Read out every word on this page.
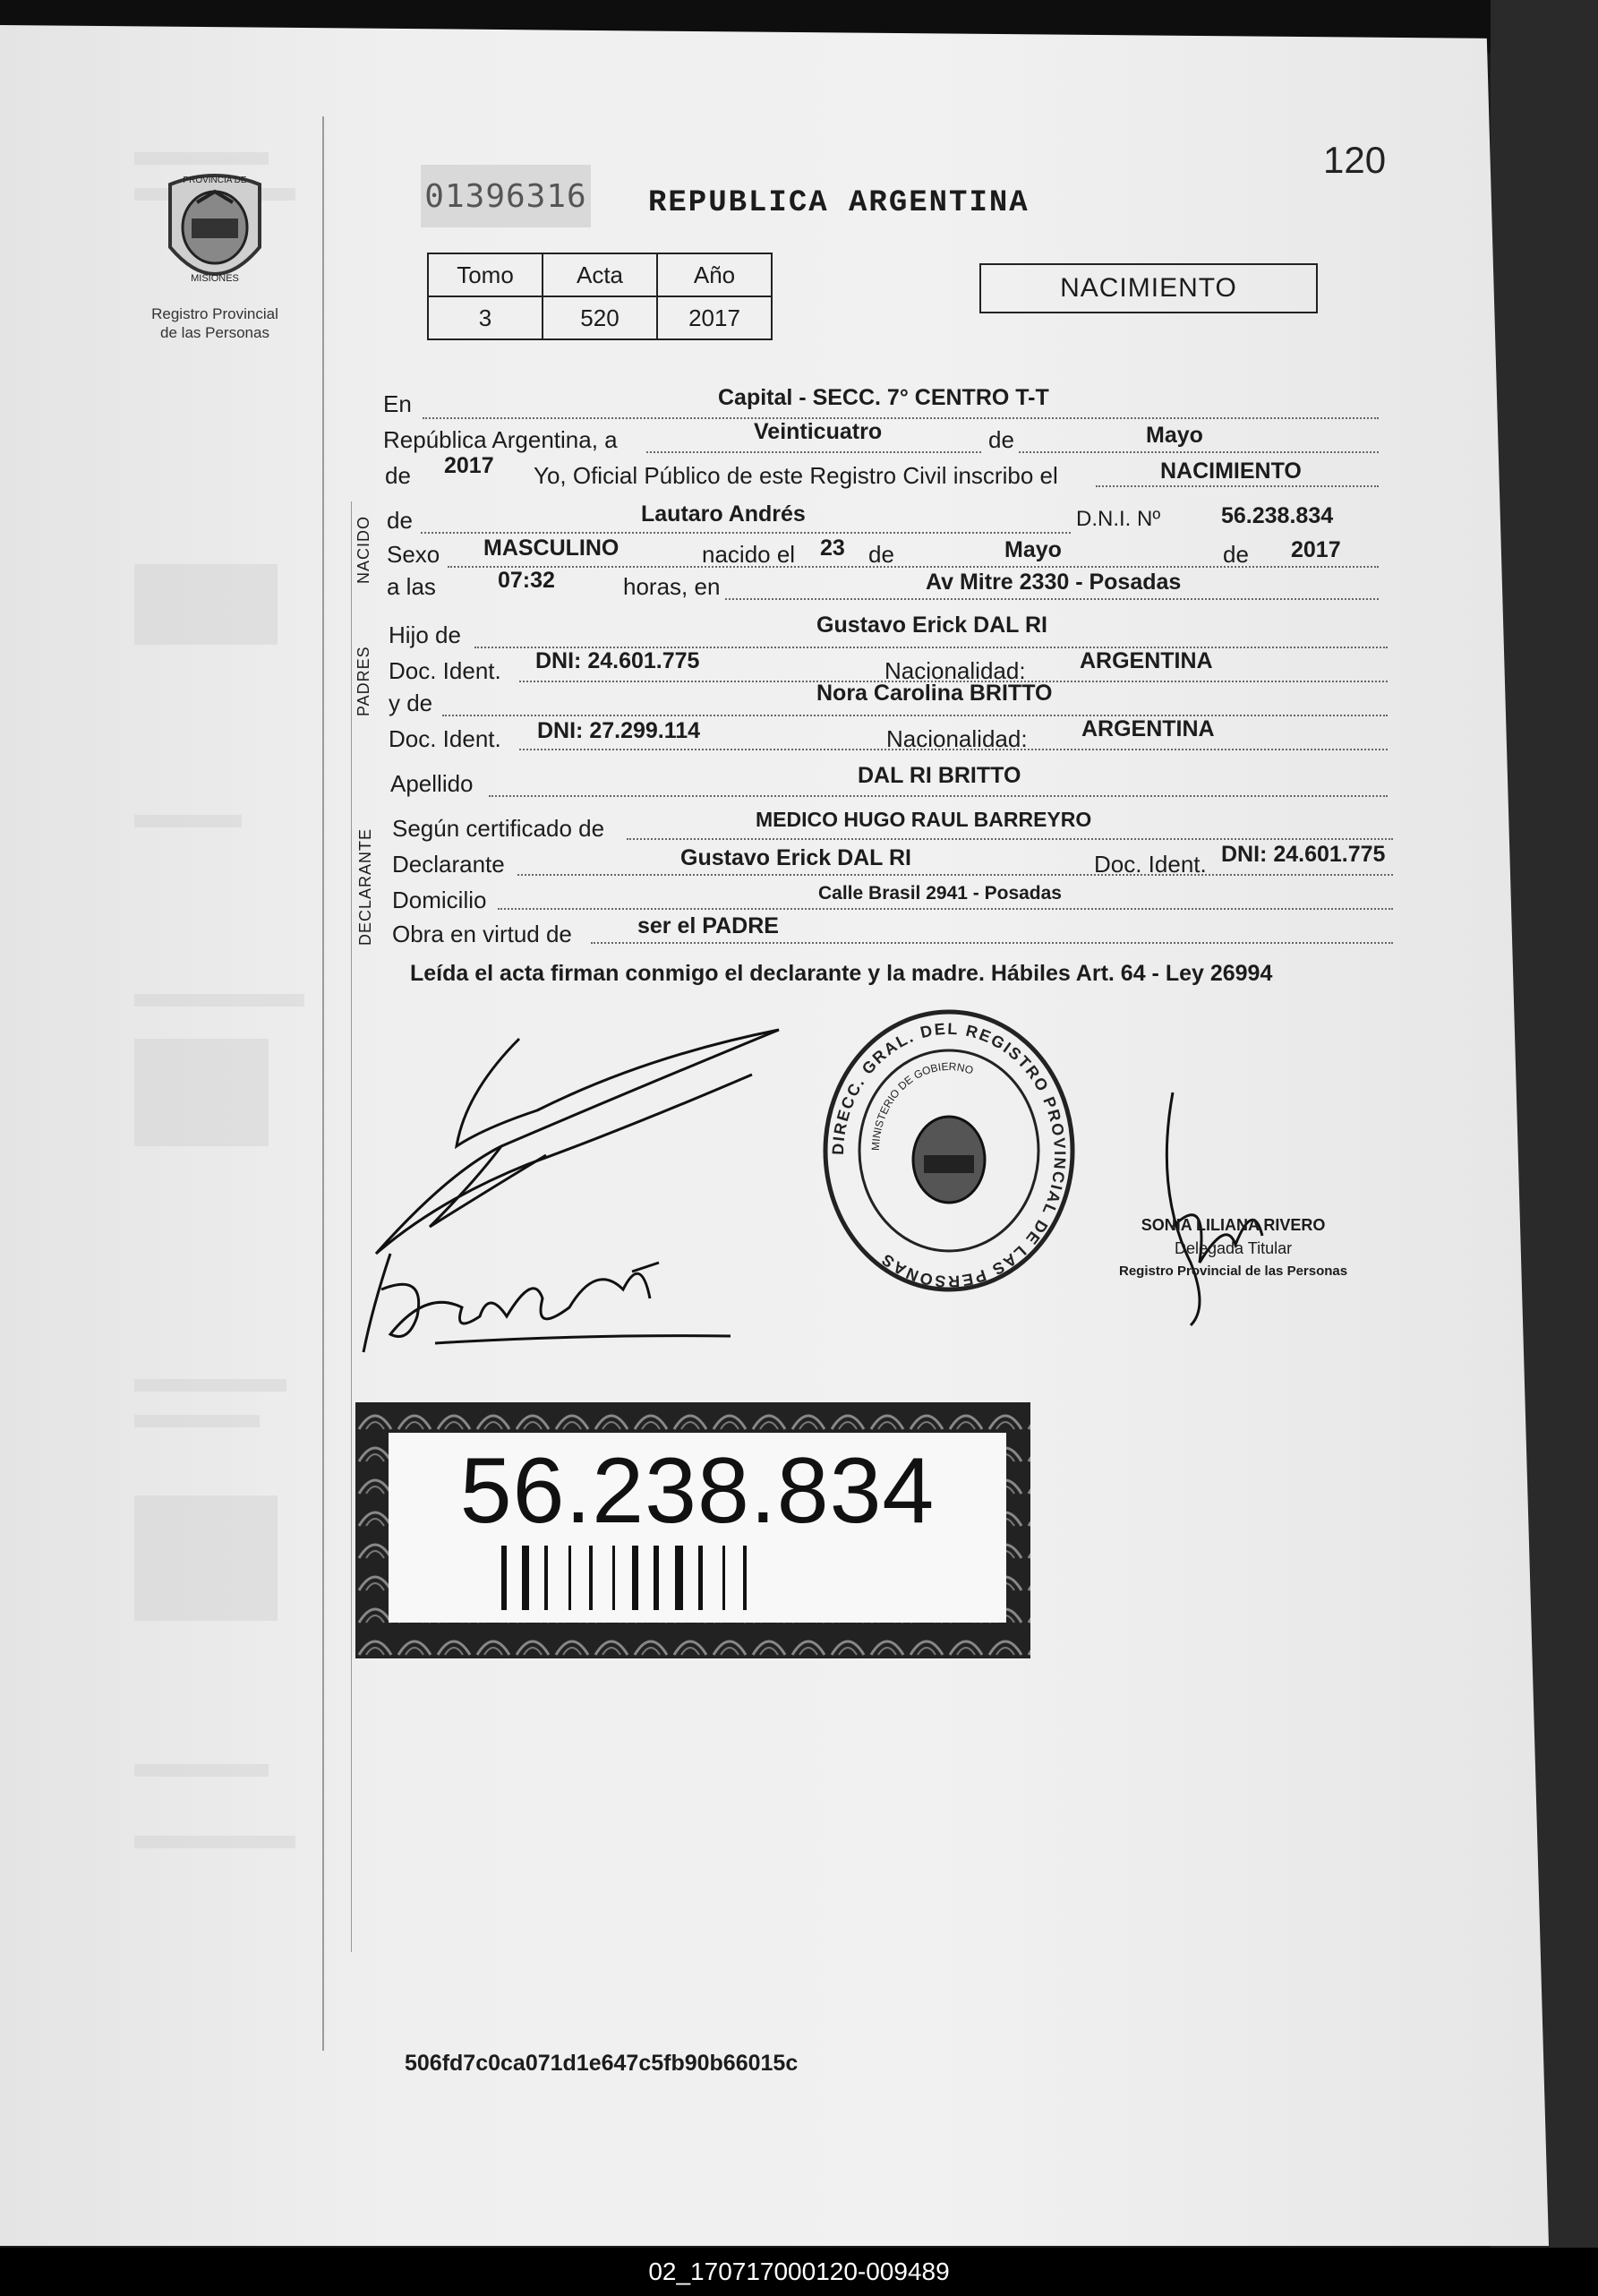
120
01396316 REPUBLICA ARGENTINA
PROVINCIA DE
MISIONES
Registro Provincial
de las Personas
Tomo	Acta	Año
3	520	2017
NACIMIENTO
NACIDO
PADRES
DECLARANTE
En	Capital - SECC. 7° CENTRO T-T
República Argentina, a	Veinticuatro	de	Mayo
de 2017 Yo, Oficial Público de este Registro Civil inscribo el	NACIMIENTO
de	Lautaro Andrés	D.N.I. Nº	56.238.834
Sexo MASCULINO	nacido el 23 de	Mayo	de 2017
a las	07:32	horas, en	Av Mitre 2330 - Posadas
Hijo de	Gustavo Erick DAL RI
Doc. Ident. DNI: 24.601.775	Nacionalidad: ARGENTINA
y de	Nora Carolina BRITTO
Doc. Ident. DNI: 27.299.114	Nacionalidad: ARGENTINA
Apellido	DAL RI BRITTO
Según certificado de	MEDICO HUGO RAUL BARREYRO
Declarante	Gustavo Erick DAL RI	Doc. Ident. DNI: 24.601.775
Domicilio	Calle Brasil 2941 - Posadas
Obra en virtud de	ser el PADRE
Leída el acta firman conmigo el declarante y la madre. Hábiles Art. 64 - Ley 26994
DIRECC. GRAL. DEL REGISTRO PROVINCIAL DE LAS PERSONAS
MINISTERIO DE GOBIERNO
SONIA LILIANA RIVERO
Delegada Titular
Registro Provincial de las Personas
56.238.834
506fd7c0ca071d1e647c5fb90b66015c
02_170717000120-009489
